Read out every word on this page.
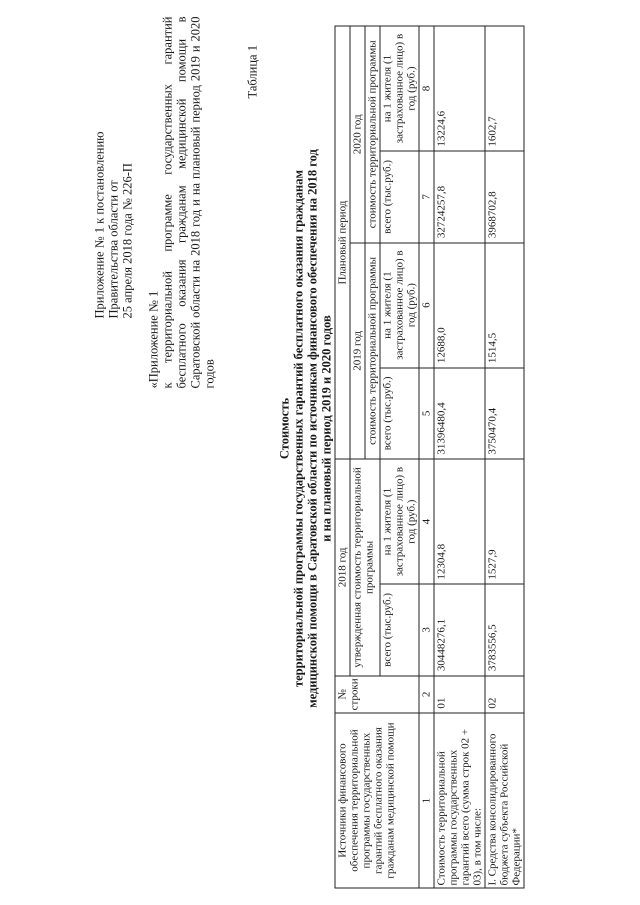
Приложение № 1 к постановлению Правительства области от 25 апреля 2018 года № 226-П
«Приложение № 1 к территориальной программе государственных гарантий бесплатного оказания гражданам медицинской помощи в Саратовской области на 2018 год и на плановый период 2019 и 2020 годов
Таблица 1
Стоимость территориальной программы государственных гарантий бесплатного оказания гражданам медицинской помощи в Саратовской области по источникам финансового обеспечения на 2018 год и на плановый период 2019 и 2020 годов
Источники финансового обеспечения территориальной программы государственных гарантий бесплатного оказания гражданам медицинской помощи	№ строки	2018 год		Плановый период			
		утвержденная стоимость территориальной программы		2019 год		2020 год	
				стоимость территориальной программы		стоимость территориальной программы	
		всего (тыс.руб.)	на 1 жителя (1 застрахованное лицо) в год (руб.)	всего (тыс.руб.)	на 1 жителя (1 застрахованное лицо) в год (руб.)	всего (тыс.руб.)	на 1 жителя (1 застрахованное лицо) в год (руб.)
1	2	3	4	5	6	7	8
Стоимость территориальной программы государственных гарантий всего (сумма строк 02 + 03), в том числе:	01	30448276,1	12304,8	31396480,4	12688,0	32724257,8	13224,6
I. Средства консолидированного бюджета субъекта Российской Федерации*	02	3783556,5	1527,9	3750470,4	1514,5	3968702,8	1602,7
